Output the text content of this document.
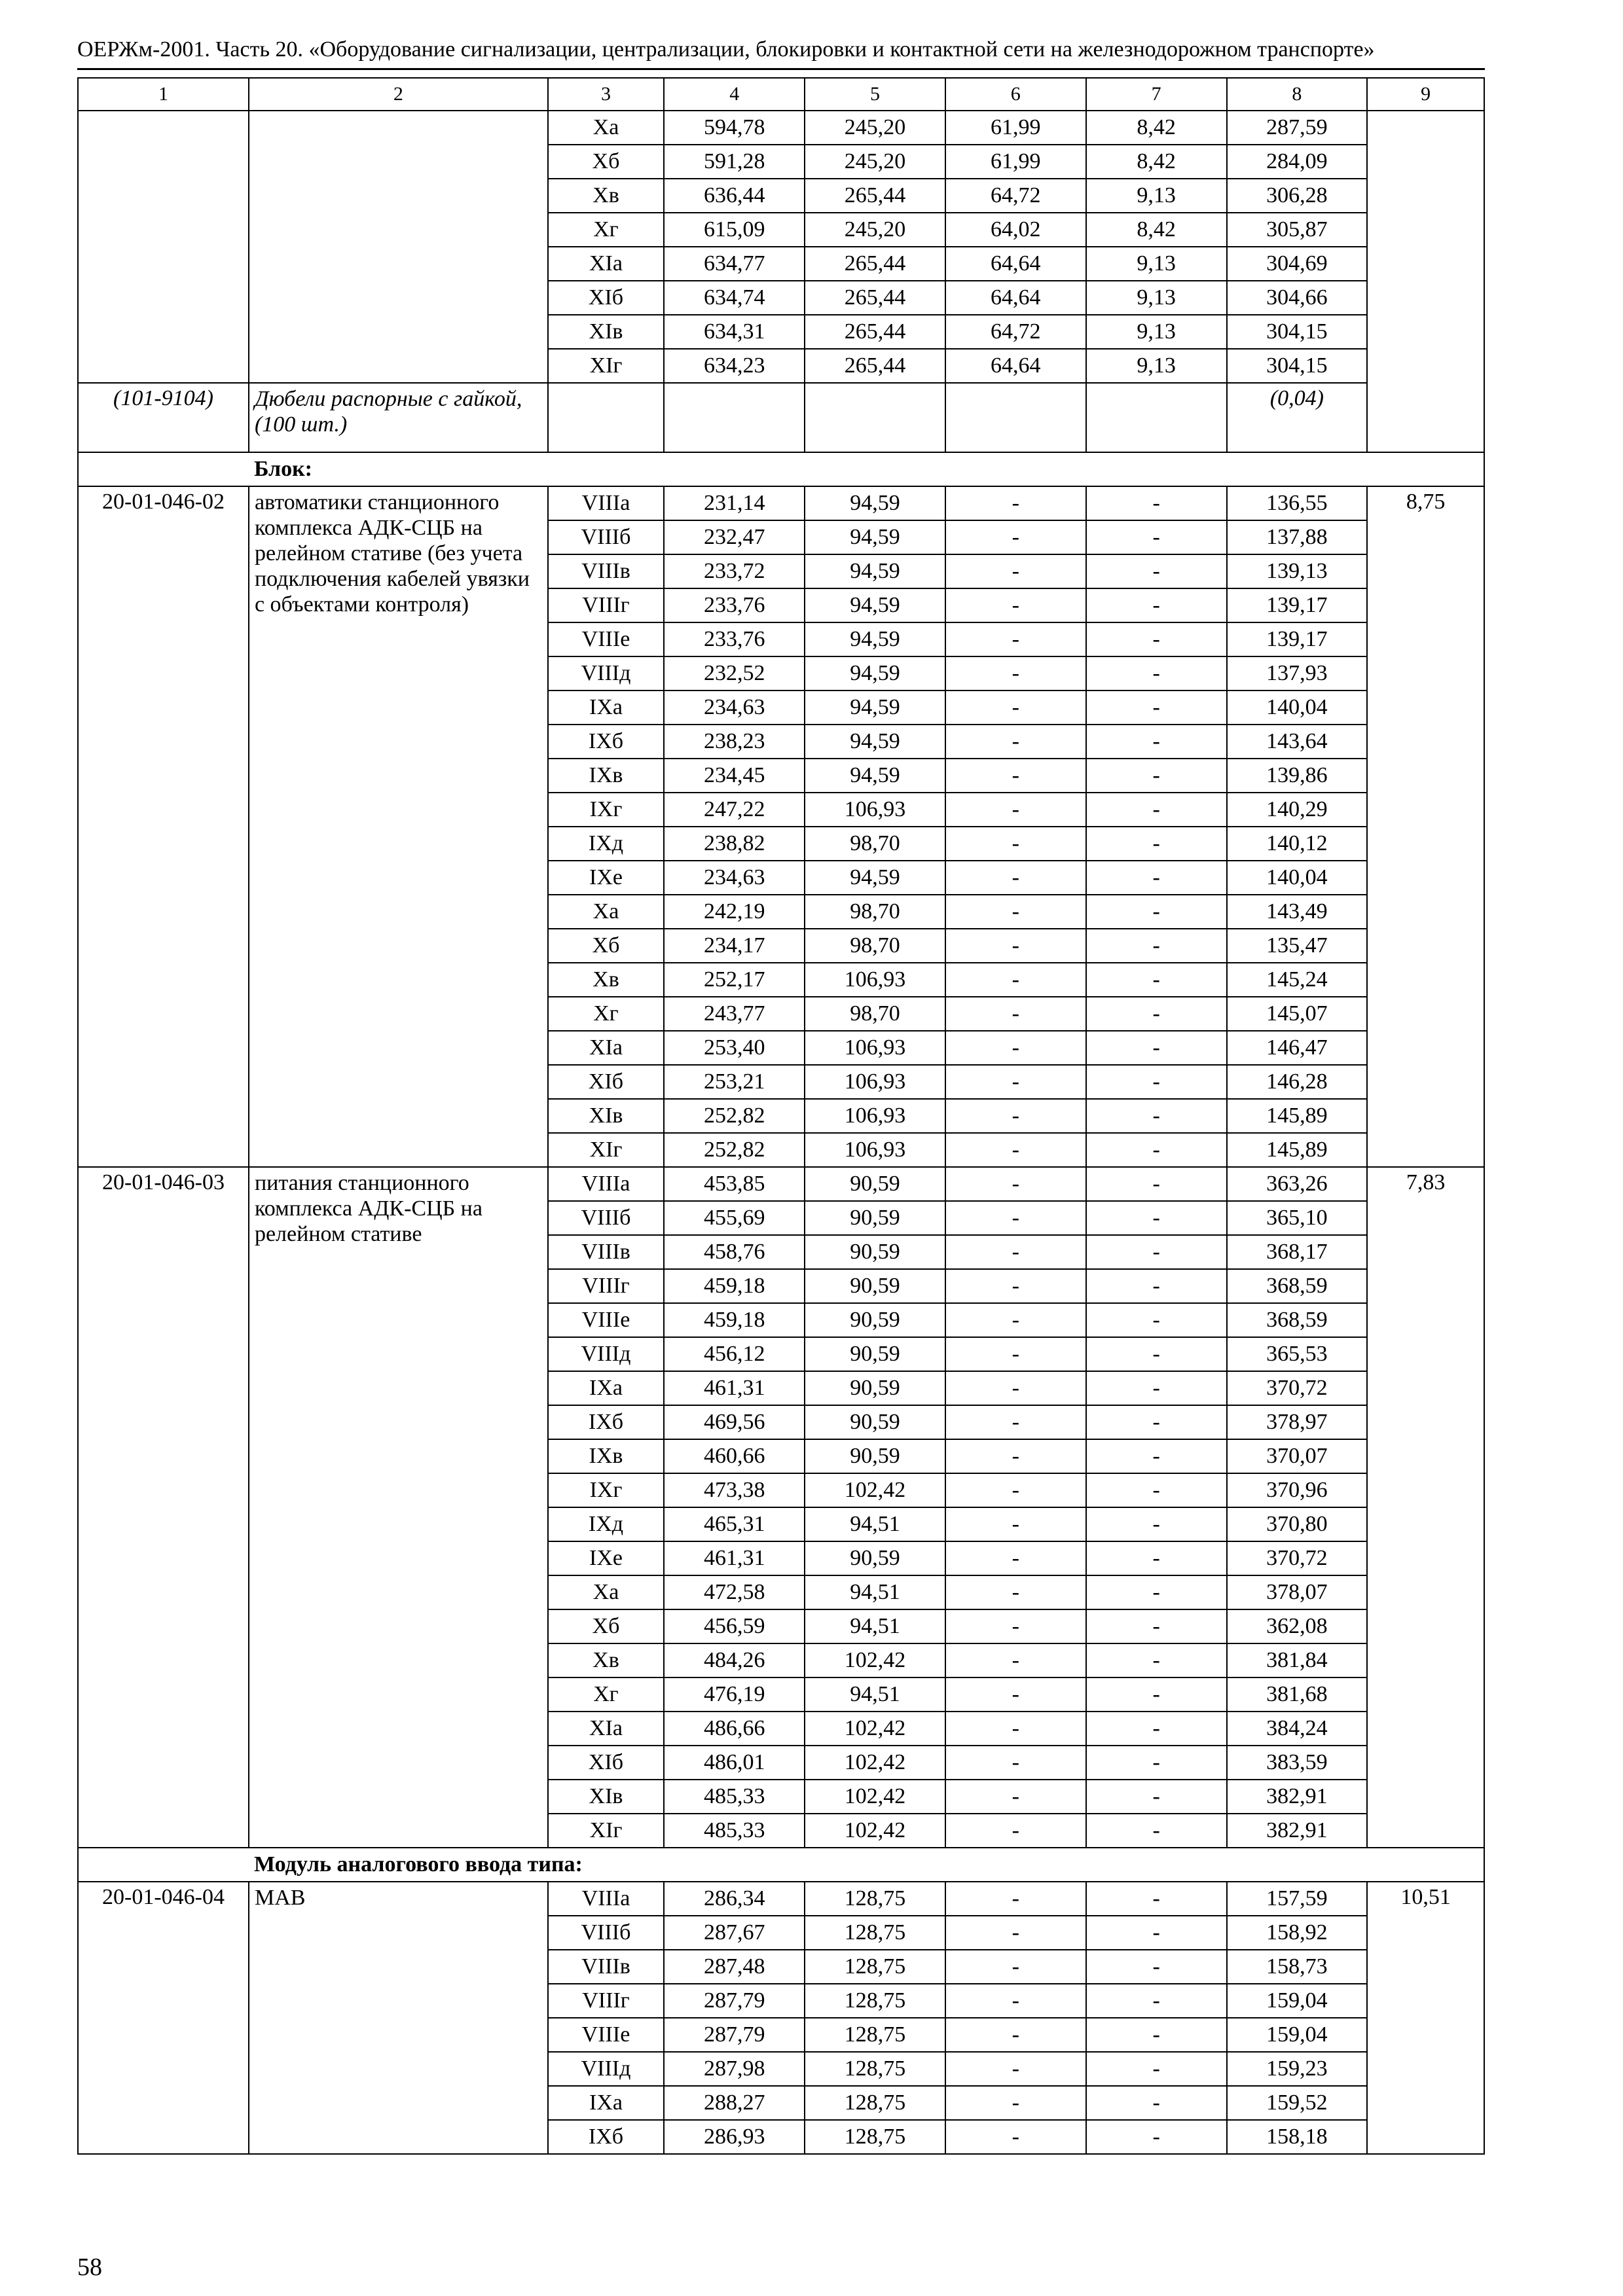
ОЕРЖм-2001. Часть 20. «Оборудование сигнализации, централизации, блокировки и контактной сети на железнодорожном транспорте»
1	2	3	4	5	6	7	8	9
		Xa	594,78	245,20	61,99	8,42	287,59	
		Xб	591,28	245,20	61,99	8,42	284,09	
		Xв	636,44	265,44	64,72	9,13	306,28	
		Xг	615,09	245,20	64,02	8,42	305,87	
		XIa	634,77	265,44	64,64	9,13	304,69	
		XIб	634,74	265,44	64,64	9,13	304,66	
		XIв	634,31	265,44	64,72	9,13	304,15	
		XIг	634,23	265,44	64,64	9,13	304,15	
(101-9104)	Дюбели распорные с гайкой, (100 шт.)						(0,04)	
	Блок:							
20-01-046-02	автоматики станционного комплекса АДК-СЦБ на релейном стативе (без учета подключения кабелей увязки с объектами контроля)	VIIIa	231,14	94,59	-	-	136,55	8,75
		VIIIб	232,47	94,59	-	-	137,88	
		VIIIв	233,72	94,59	-	-	139,13	
		VIIIг	233,76	94,59	-	-	139,17	
		VIIIе	233,76	94,59	-	-	139,17	
		VIIIд	232,52	94,59	-	-	137,93	
		IXa	234,63	94,59	-	-	140,04	
		IXб	238,23	94,59	-	-	143,64	
		IXв	234,45	94,59	-	-	139,86	
		IXг	247,22	106,93	-	-	140,29	
		IXд	238,82	98,70	-	-	140,12	
		IXе	234,63	94,59	-	-	140,04	
		Xa	242,19	98,70	-	-	143,49	
		Xб	234,17	98,70	-	-	135,47	
		Xв	252,17	106,93	-	-	145,24	
		Xг	243,77	98,70	-	-	145,07	
		XIa	253,40	106,93	-	-	146,47	
		XIб	253,21	106,93	-	-	146,28	
		XIв	252,82	106,93	-	-	145,89	
		XIг	252,82	106,93	-	-	145,89	
20-01-046-03	питания станционного комплекса АДК-СЦБ на релейном стативе	VIIIa	453,85	90,59	-	-	363,26	7,83
		VIIIб	455,69	90,59	-	-	365,10	
		VIIIв	458,76	90,59	-	-	368,17	
		VIIIг	459,18	90,59	-	-	368,59	
		VIIIе	459,18	90,59	-	-	368,59	
		VIIIд	456,12	90,59	-	-	365,53	
		IXa	461,31	90,59	-	-	370,72	
		IXб	469,56	90,59	-	-	378,97	
		IXв	460,66	90,59	-	-	370,07	
		IXг	473,38	102,42	-	-	370,96	
		IXд	465,31	94,51	-	-	370,80	
		IXе	461,31	90,59	-	-	370,72	
		Xa	472,58	94,51	-	-	378,07	
		Xб	456,59	94,51	-	-	362,08	
		Xв	484,26	102,42	-	-	381,84	
		Xг	476,19	94,51	-	-	381,68	
		XIa	486,66	102,42	-	-	384,24	
		XIб	486,01	102,42	-	-	383,59	
		XIв	485,33	102,42	-	-	382,91	
		XIг	485,33	102,42	-	-	382,91	
	Модуль аналогового ввода типа:							
20-01-046-04	МАВ	VIIIa	286,34	128,75	-	-	157,59	10,51
		VIIIб	287,67	128,75	-	-	158,92	
		VIIIв	287,48	128,75	-	-	158,73	
		VIIIг	287,79	128,75	-	-	159,04	
		VIIIе	287,79	128,75	-	-	159,04	
		VIIIд	287,98	128,75	-	-	159,23	
		IXa	288,27	128,75	-	-	159,52	
		IXб	286,93	128,75	-	-	158,18	
58
